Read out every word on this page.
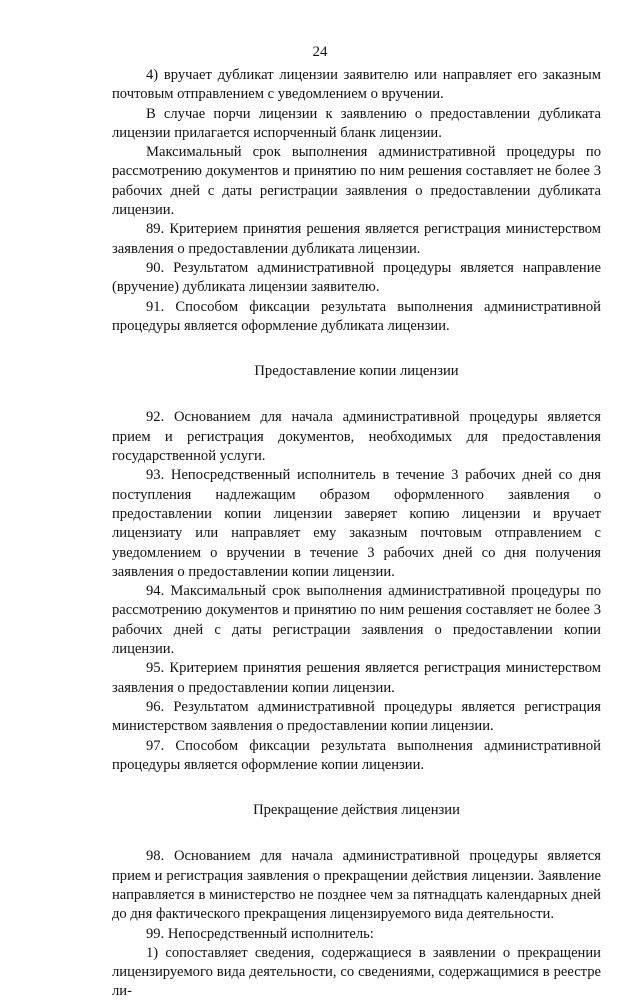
24

4) вручает дубликат лицензии заявителю или направляет его заказным почтовым отправлением с уведомлением о вручении.

В случае порчи лицензии к заявлению о предоставлении дубликата лицензии прилагается испорченный бланк лицензии.

Максимальный срок выполнения административной процедуры по рассмотрению документов и принятию по ним решения составляет не более 3 рабочих дней с даты регистрации заявления о предоставлении дубликата лицензии.

89. Критерием принятия решения является регистрация министерством заявления о предоставлении дубликата лицензии.

90. Результатом административной процедуры является направление (вручение) дубликата лицензии заявителю.

91. Способом фиксации результата выполнения административной процедуры является оформление дубликата лицензии.

Предоставление копии лицензии

92. Основанием для начала административной процедуры является прием и регистрация документов, необходимых для предоставления государственной услуги.

93. Непосредственный исполнитель в течение 3 рабочих дней со дня поступления надлежащим образом оформленного заявления о предоставлении копии лицензии заверяет копию лицензии и вручает лицензиату или направляет ему заказным почтовым отправлением с уведомлением о вручении в течение 3 рабочих дней со дня получения заявления о предоставлении копии лицензии.

94. Максимальный срок выполнения административной процедуры по рассмотрению документов и принятию по ним решения составляет не более 3 рабочих дней с даты регистрации заявления о предоставлении копии лицензии.

95. Критерием принятия решения является регистрация министерством заявления о предоставлении копии лицензии.

96. Результатом административной процедуры является регистрация министерством заявления о предоставлении копии лицензии.

97. Способом фиксации результата выполнения административной процедуры является оформление копии лицензии.

Прекращение действия лицензии

98. Основанием для начала административной процедуры является прием и регистрация заявления о прекращении действия лицензии. Заявление направляется в министерство не позднее чем за пятнадцать календарных дней до дня фактического прекращения лицензируемого вида деятельности.

99. Непосредственный исполнитель:

1) сопоставляет сведения, содержащиеся в заявлении о прекращении лицензируемого вида деятельности, со сведениями, содержащимися в реестре ли-
